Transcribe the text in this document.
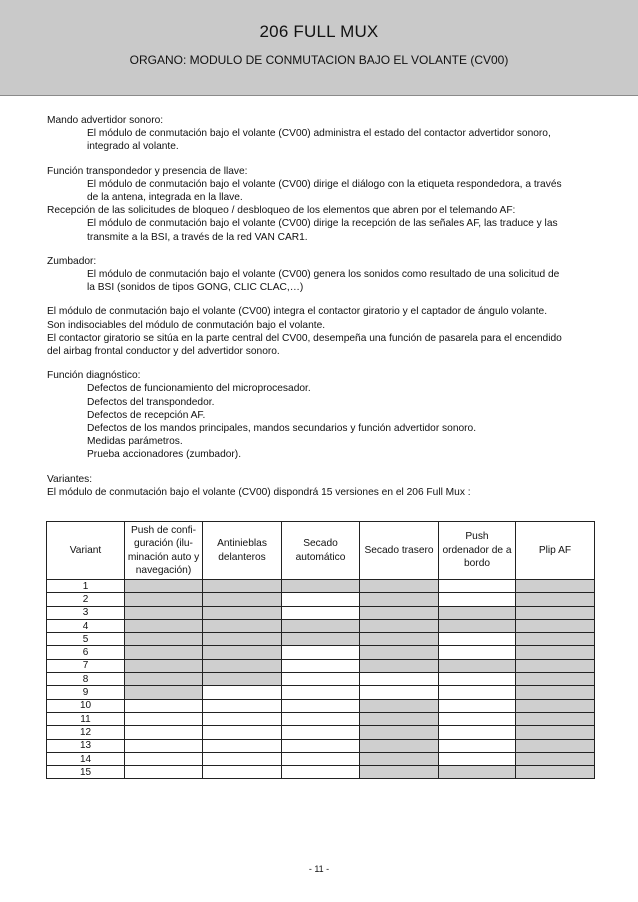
206 FULL MUX
ORGANO: MODULO DE CONMUTACION BAJO EL VOLANTE (CV00)

Mando advertidor sonoro:

El módulo de conmutación bajo el volante (CV00) administra el estado del contactor advertidor sonoro,

integrado al volante.

Función transpondedor y presencia de llave:

El módulo de conmutación bajo el volante (CV00) dirige el diálogo con la etiqueta respondedora, a través

de la antena, integrada en la llave.

Recepción de las solicitudes de bloqueo / desbloqueo de los elementos que abren por el telemando AF:

El módulo de conmutación bajo el volante (CV00) dirige la recepción de las señales AF, las traduce y las

transmite a la BSI, a través de la red VAN CAR1.

Zumbador:

El módulo de conmutación bajo el volante (CV00) genera los sonidos como resultado de una solicitud de

la BSI (sonidos de tipos GONG, CLIC CLAC,…)

El módulo de conmutación bajo el volante (CV00) integra el contactor giratorio y el captador de ángulo volante.

Son indisociables del módulo de conmutación bajo el volante.

El contactor giratorio se sitúa en la parte central del CV00, desempeña una función de pasarela para el encendido

del airbag frontal conductor y del advertidor sonoro.

Función diagnóstico:

Defectos de funcionamiento del microprocesador.

Defectos del transpondedor.

Defectos de recepción AF.

Defectos de los mandos principales, mandos secundarios y función advertidor sonoro.

Medidas parámetros.

Prueba accionadores (zumbador).

Variantes:

El módulo de conmutación bajo el volante (CV00) dispondrá 15 versiones en el 206 Full Mux :

Variant	Push de confi- guración (ilu- minación auto y navegación)	Antinieblas delanteros	Secado automático	Secado trasero	Push ordenador de a bordo	Plip AF
1						
2						
3						
4						
5						
6						
7						
8						
9						
10						
11						
12						
13						
14						
15						
- 11 -
